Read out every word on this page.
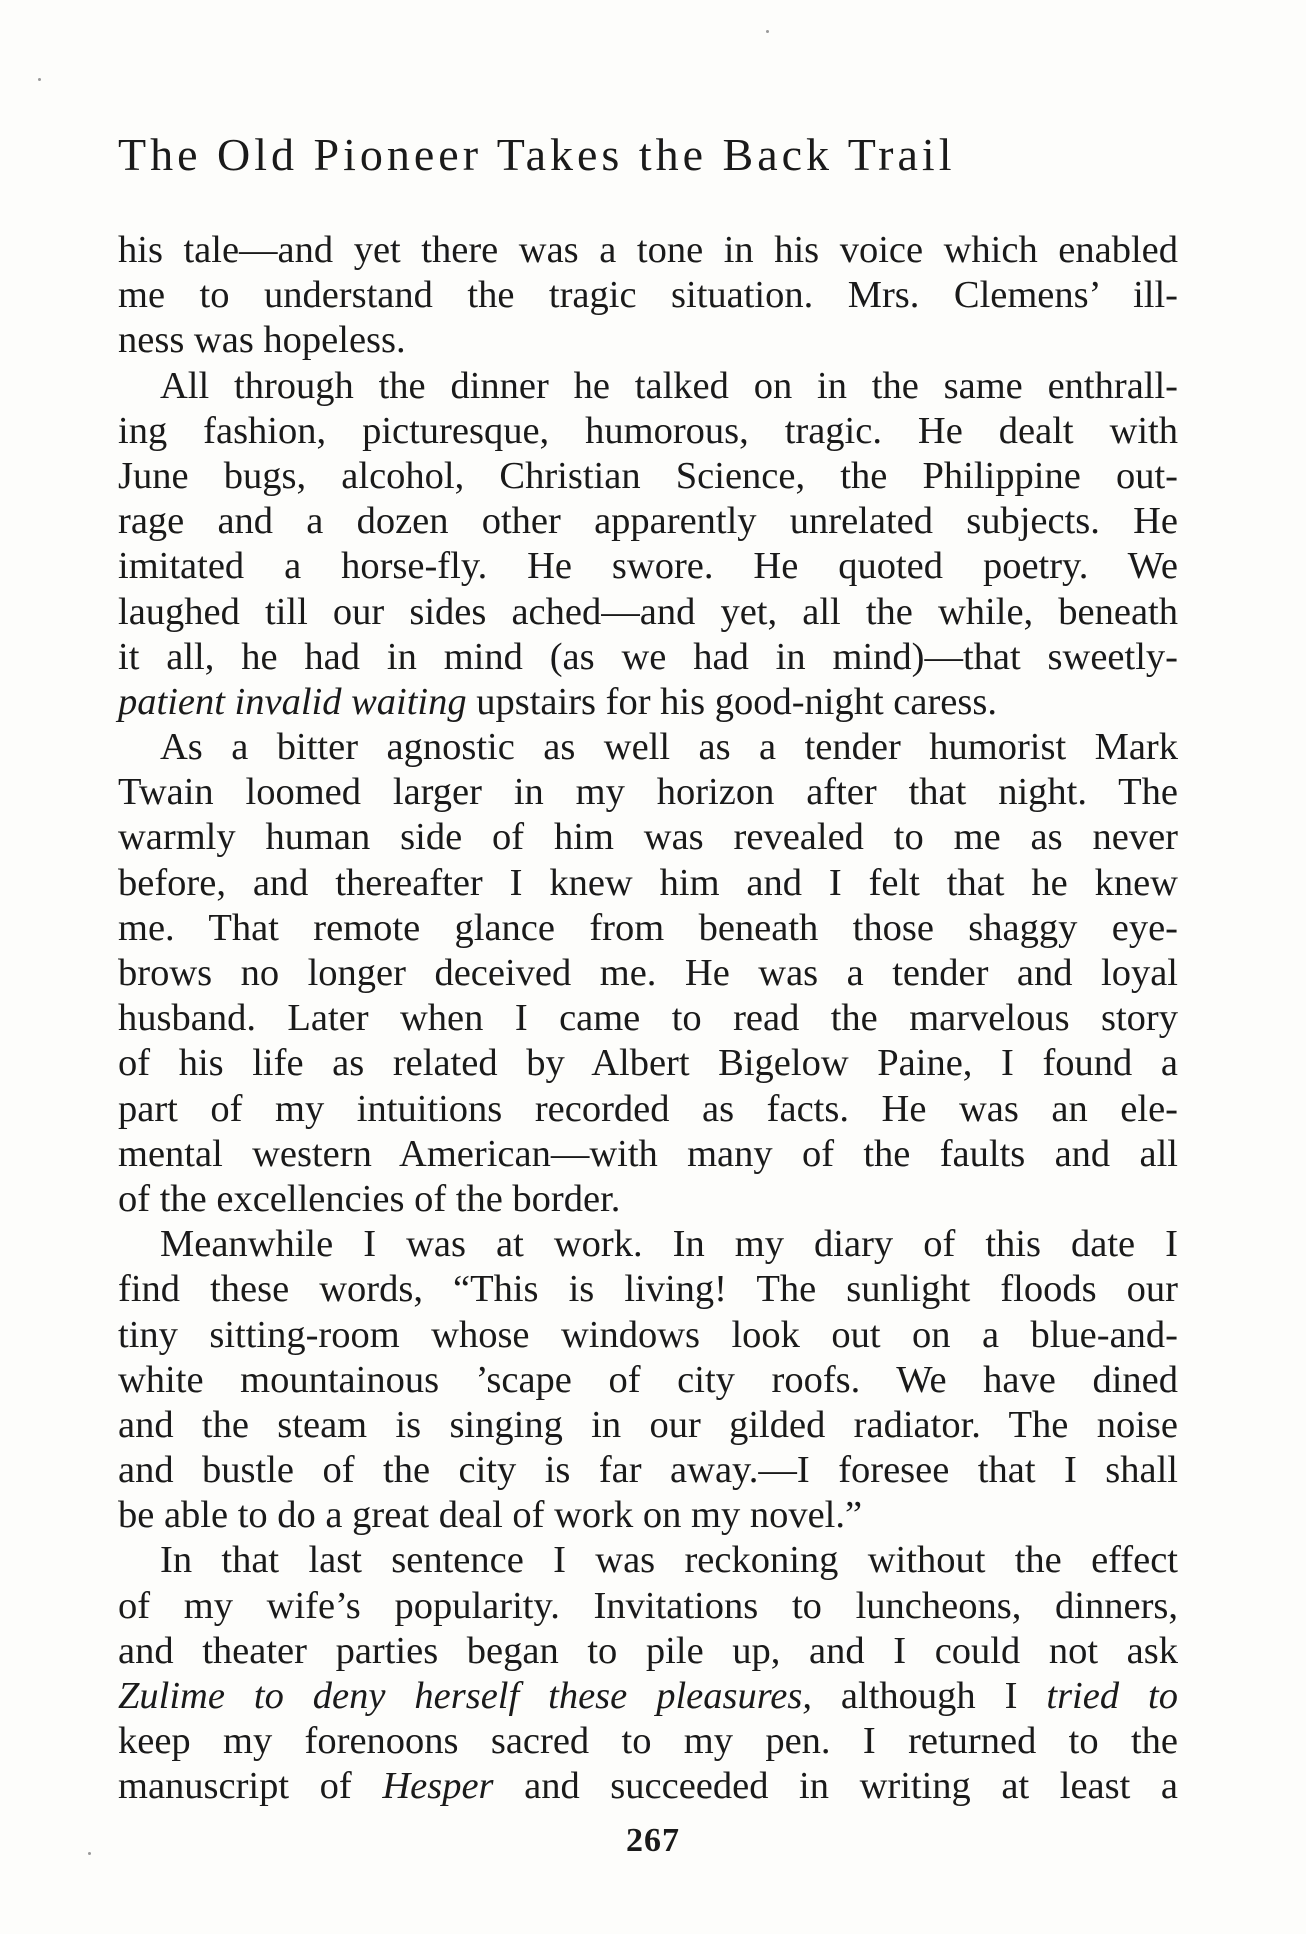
The Old Pioneer Takes the Back Trail
his tale—and yet there was a tone in his voice which enabled
me to understand the tragic situation. Mrs. Clemens’ ill-
ness was hopeless.
All through the dinner he talked on in the same enthrall-
ing fashion, picturesque, humorous, tragic. He dealt with
June bugs, alcohol, Christian Science, the Philippine out-
rage and a dozen other apparently unrelated subjects. He
imitated a horse-fly. He swore. He quoted poetry. We
laughed till our sides ached—and yet, all the while, beneath
it all, he had in mind (as we had in mind)—that sweetly-
patient invalid waiting upstairs for his good-night caress.
As a bitter agnostic as well as a tender humorist Mark
Twain loomed larger in my horizon after that night. The
warmly human side of him was revealed to me as never
before, and thereafter I knew him and I felt that he knew
me. That remote glance from beneath those shaggy eye-
brows no longer deceived me. He was a tender and loyal
husband. Later when I came to read the marvelous story
of his life as related by Albert Bigelow Paine, I found a
part of my intuitions recorded as facts. He was an ele-
mental western American—with many of the faults and all
of the excellencies of the border.
Meanwhile I was at work. In my diary of this date I
find these words, “This is living! The sunlight floods our
tiny sitting-room whose windows look out on a blue-and-
white mountainous ’scape of city roofs. We have dined
and the steam is singing in our gilded radiator. The noise
and bustle of the city is far away.—I foresee that I shall
be able to do a great deal of work on my novel.”
In that last sentence I was reckoning without the effect
of my wife’s popularity. Invitations to luncheons, dinners,
and theater parties began to pile up, and I could not ask
Zulime to deny herself these pleasures, although I tried to
keep my forenoons sacred to my pen. I returned to the
manuscript of Hesper and succeeded in writing at least a
267
